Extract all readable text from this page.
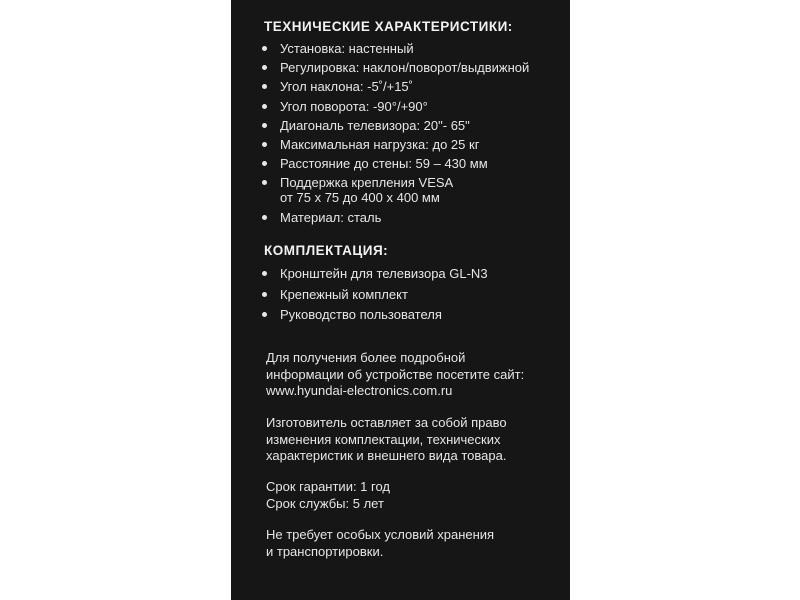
ТЕХНИЧЕСКИЕ ХАРАКТЕРИСТИКИ:
Установка: настенный
Регулировка: наклон/поворот/выдвижной
Угол наклона: -5˚/+15˚
Угол поворота: -90°/+90°
Диагональ телевизора: 20"- 65"
Максимальная нагрузка: до 25 кг
Расстояние до стены: 59 – 430 мм
Поддержка крепления VESA
от 75 x 75 до 400 x 400 мм
Материал: сталь
КОМПЛЕКТАЦИЯ:
Кронштейн для телевизора GL-N3
Крепежный комплект
Руководство пользователя

Для получения более подробной
информации об устройстве посетите сайт:
www.hyundai-electronics.com.ru

Изготовитель оставляет за собой право
изменения комплектации, технических
характеристик и внешнего вида товара.

Срок гарантии: 1 год
Срок службы: 5 лет

Не требует особых условий хранения
и транспортировки.
